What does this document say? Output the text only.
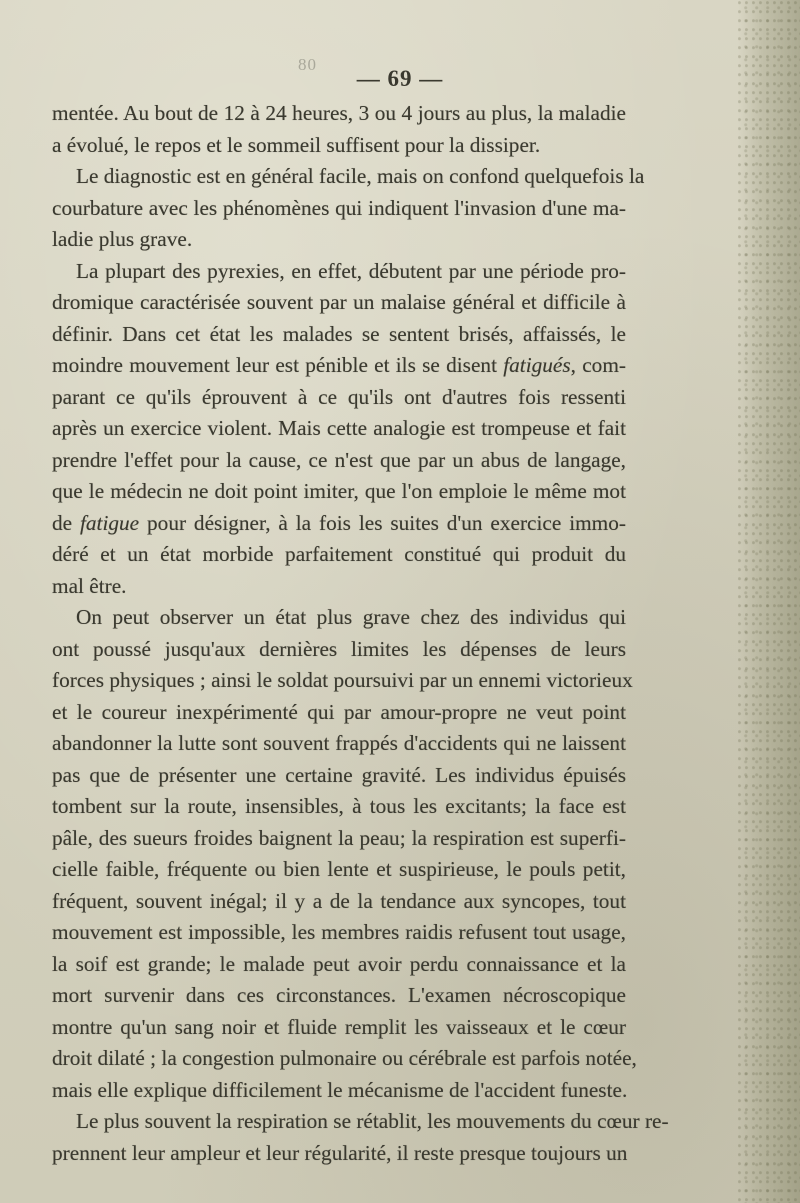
80
— 69 —
mentée. Au bout de 12 à 24 heures, 3 ou 4 jours au plus, la maladie
a évolué, le repos et le sommeil suffisent pour la dissiper.
Le diagnostic est en général facile, mais on confond quelquefois la
courbature avec les phénomènes qui indiquent l'invasion d'une ma-
ladie plus grave.
La plupart des pyrexies, en effet, débutent par une période pro-
dromique caractérisée souvent par un malaise général et difficile à
définir. Dans cet état les malades se sentent brisés, affaissés, le
moindre mouvement leur est pénible et ils se disent fatigués, com-
parant ce qu'ils éprouvent à ce qu'ils ont d'autres fois ressenti
après un exercice violent. Mais cette analogie est trompeuse et fait
prendre l'effet pour la cause, ce n'est que par un abus de langage,
que le médecin ne doit point imiter, que l'on emploie le même mot
de fatigue pour désigner, à la fois les suites d'un exercice immo-
déré et un état morbide parfaitement constitué qui produit du
mal être.
On peut observer un état plus grave chez des individus qui
ont poussé jusqu'aux dernières limites les dépenses de leurs
forces physiques ; ainsi le soldat poursuivi par un ennemi victorieux
et le coureur inexpérimenté qui par amour-propre ne veut point
abandonner la lutte sont souvent frappés d'accidents qui ne laissent
pas que de présenter une certaine gravité. Les individus épuisés
tombent sur la route, insensibles, à tous les excitants; la face est
pâle, des sueurs froides baignent la peau; la respiration est superfi-
cielle faible, fréquente ou bien lente et suspirieuse, le pouls petit,
fréquent, souvent inégal; il y a de la tendance aux syncopes, tout
mouvement est impossible, les membres raidis refusent tout usage,
la soif est grande; le malade peut avoir perdu connaissance et la
mort survenir dans ces circonstances. L'examen nécroscopique
montre qu'un sang noir et fluide remplit les vaisseaux et le cœur
droit dilaté ; la congestion pulmonaire ou cérébrale est parfois notée,
mais elle explique difficilement le mécanisme de l'accident funeste.
Le plus souvent la respiration se rétablit, les mouvements du cœur re-
prennent leur ampleur et leur régularité, il reste presque toujours un
